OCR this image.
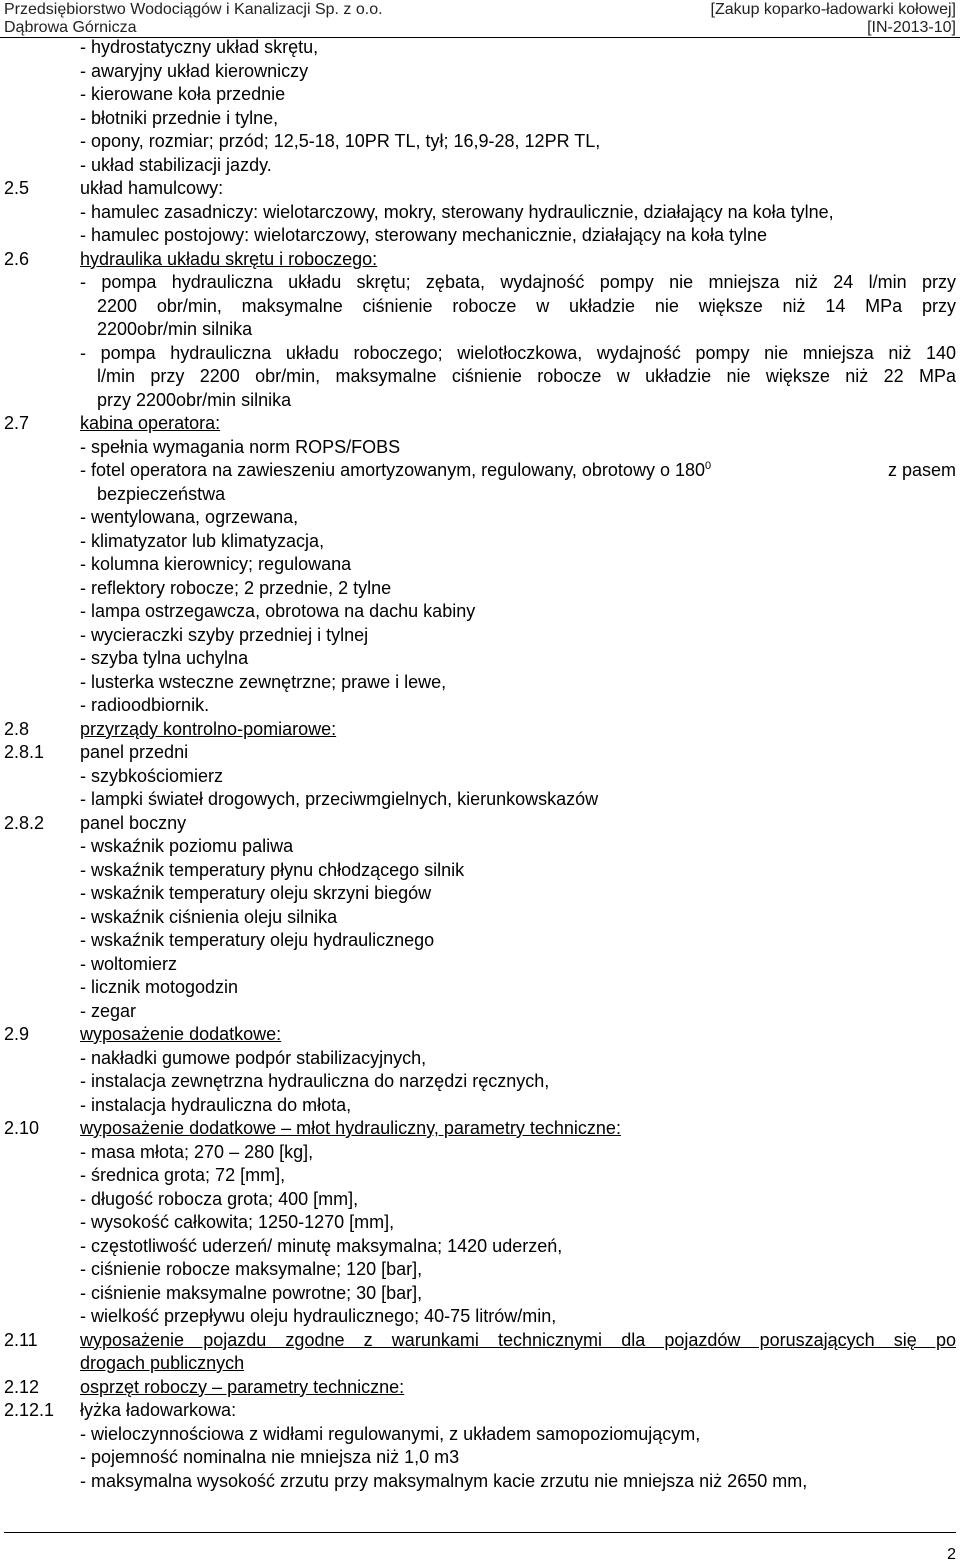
Przedsiębiorstwo Wodociągów i Kanalizacji Sp. z o.o.
Dąbrowa Górnicza
[Zakup koparko-ładowarki kołowej]
[IN-2013-10]
- hydrostatyczny układ skrętu,
- awaryjny układ kierowniczy
- kierowane koła przednie
- błotniki przednie i tylne,
- opony, rozmiar; przód; 12,5-18, 10PR TL, tył; 16,9-28, 12PR TL,
- układ stabilizacji jazdy.
2.5	układ hamulcowy:
- hamulec zasadniczy: wielotarczowy, mokry, sterowany hydraulicznie, działający na koła tylne,
- hamulec postojowy: wielotarczowy, sterowany mechanicznie, działający na koła tylne
2.6	hydraulika układu skrętu i roboczego:
- pompa hydrauliczna układu skrętu; zębata, wydajność pompy nie mniejsza niż 24 l/min przy
2200 obr/min, maksymalne ciśnienie robocze w układzie nie większe niż 14 MPa przy
2200obr/min silnika
- pompa hydrauliczna układu roboczego; wielotłoczkowa, wydajność pompy nie mniejsza niż 140
l/min przy 2200 obr/min, maksymalne ciśnienie robocze w układzie nie większe niż 22 MPa
przy 2200obr/min silnika
2.7	kabina operatora:
- spełnia wymagania norm ROPS/FOBS
- fotel operatora na zawieszeniu amortyzowanym, regulowany, obrotowy o $180^0$	z pasem
bezpieczeństwa
- wentylowana, ogrzewana,
- klimatyzator lub klimatyzacja,
- kolumna kierownicy; regulowana
- reflektory robocze; 2 przednie, 2 tylne
- lampa ostrzegawcza, obrotowa na dachu kabiny
- wycieraczki szyby przedniej i tylnej
- szyba tylna uchylna
- lusterka wsteczne zewnętrzne; prawe i lewe,
- radioodbiornik.
2.8	przyrządy kontrolno-pomiarowe:
2.8.1 panel przedni
- szybkościomierz
- lampki świateł drogowych, przeciwmgielnych, kierunkowskazów
2.8.2 panel boczny
- wskaźnik poziomu paliwa
- wskaźnik temperatury płynu chłodzącego silnik
- wskaźnik temperatury oleju skrzyni biegów
- wskaźnik ciśnienia oleju silnika
- wskaźnik temperatury oleju hydraulicznego
- woltomierz
- licznik motogodzin
- zegar
2.9	wyposażenie dodatkowe:
- nakładki gumowe podpór stabilizacyjnych,
- instalacja zewnętrzna hydrauliczna do narzędzi ręcznych,
- instalacja hydrauliczna do młota,
2.10 wyposażenie dodatkowe – młot hydrauliczny, parametry techniczne:
- masa młota; 270 – 280 [kg],
- średnica grota; 72 [mm],
- długość robocza grota; 400 [mm],
- wysokość całkowita; 1250-1270 [mm],
- częstotliwość uderzeń/ minutę maksymalna; 1420 uderzeń,
- ciśnienie robocze maksymalne; 120 [bar],
- ciśnienie maksymalne powrotne; 30 [bar],
- wielkość przepływu oleju hydraulicznego; 40-75 litrów/min,
2.11 wyposażenie pojazdu zgodne z warunkami technicznymi dla pojazdów poruszających się po
drogach publicznych
2.12 osprzęt roboczy – parametry techniczne:
2.12.1 łyżka ładowarkowa:
- wieloczynnościowa z widłami regulowanymi, z układem samopoziomującym,
- pojemność nominalna nie mniejsza niż 1,0 m3
- maksymalna wysokość zrzutu przy maksymalnym kacie zrzutu nie mniejsza niż 2650 mm,
2
